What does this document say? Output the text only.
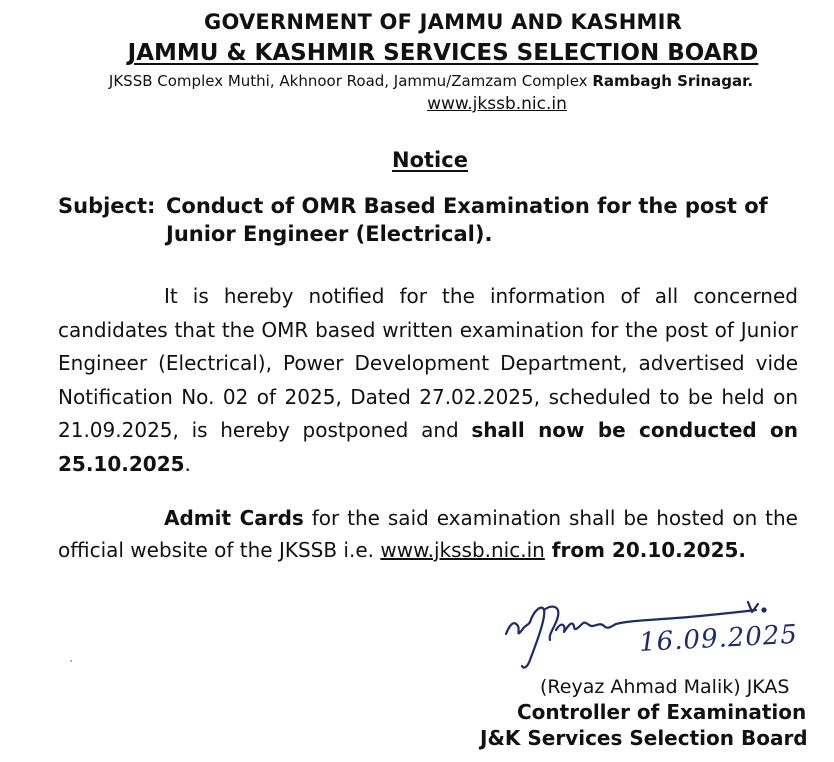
GOVERNMENT OF JAMMU AND KASHMIR
JAMMU & KASHMIR SERVICES SELECTION BOARD
JKSSB Complex Muthi, Akhnoor Road, Jammu/Zamzam Complex Rambagh Srinagar.
www.jkssb.nic.in
Notice
Subject: Conduct of OMR Based Examination for the post of
Junior Engineer (Electrical).
It is hereby notified for the information of all concerned candidates that the OMR based written examination for the post of Junior Engineer (Electrical), Power Development Department, advertised vide Notification No. 02 of 2025, Dated 27.02.2025, scheduled to be held on 21.09.2025, is hereby postponed and shall now be conducted on 25.10.2025.
Admit Cards for the said examination shall be hosted on the official website of the JKSSB i.e. www.jkssb.nic.in from 20.10.2025.
16.09.2025
(Reyaz Ahmad Malik) JKAS
Controller of Examination
J&K Services Selection Board
